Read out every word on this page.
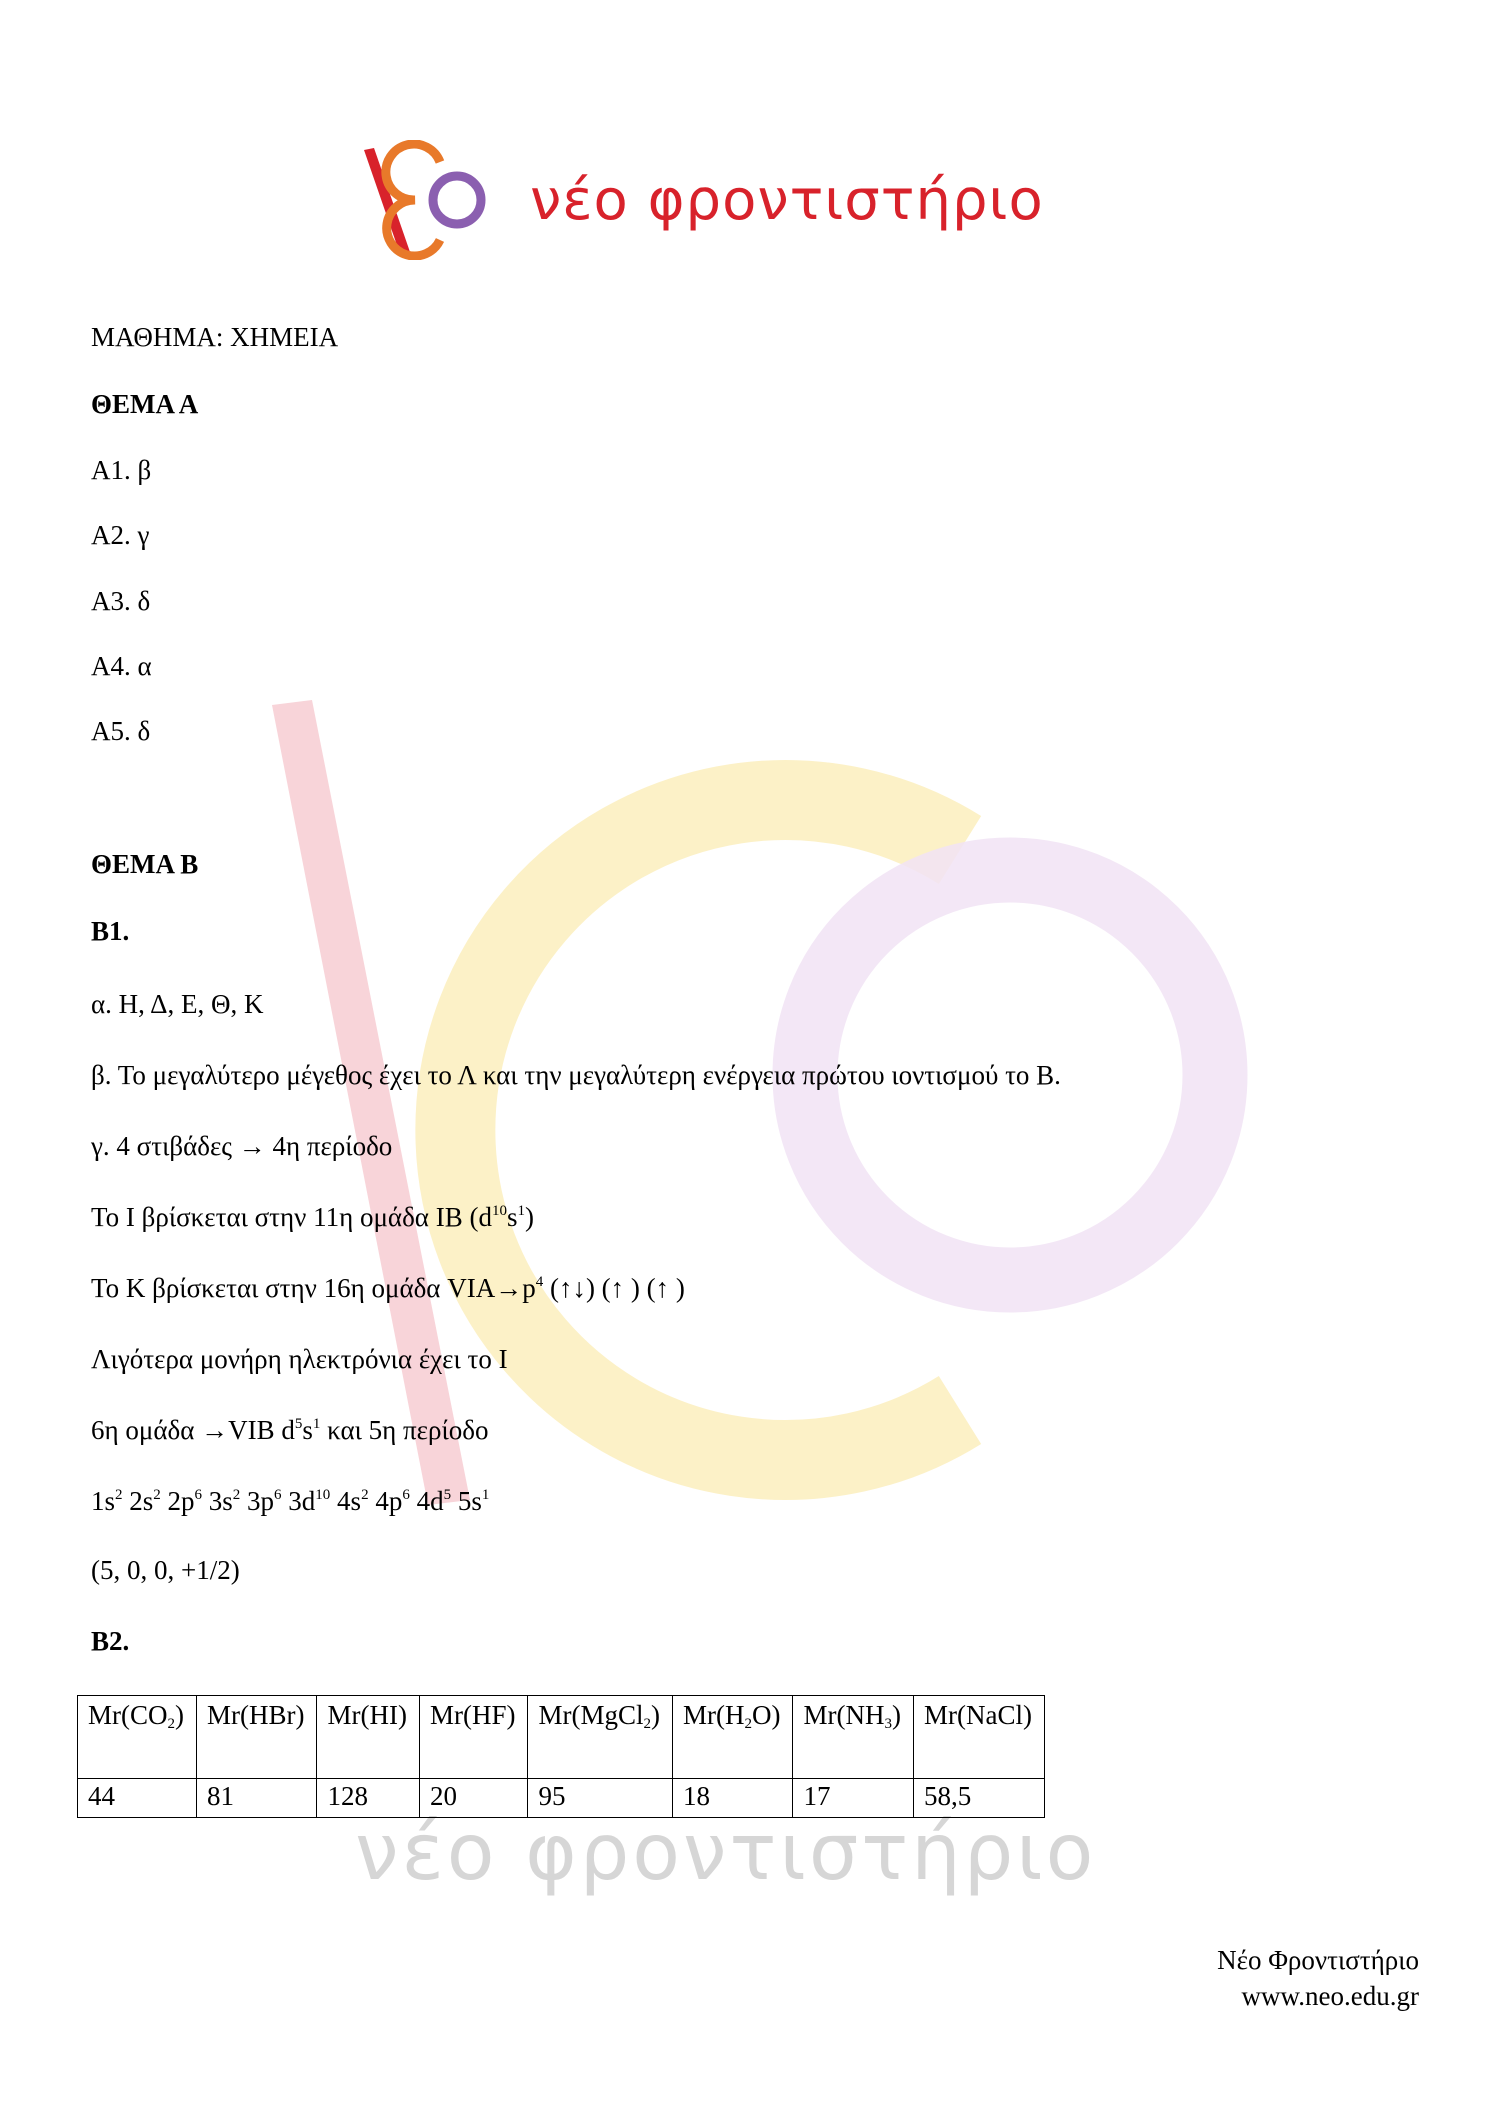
νέο φροντιστήριο
ΜΑΘΗΜΑ: ΧΗΜΕΙΑ
ΘΕΜΑ Α
Α1. β
Α2. γ
Α3. δ
Α4. α
Α5. δ
ΘΕΜΑ Β
Β1.
α. Η, Δ, Ε, Θ, Κ
β. Το μεγαλύτερο μέγεθος έχει το Λ και την μεγαλύτερη ενέργεια πρώτου ιοντισμού το Β.
γ. 4 στιβάδες → 4η περίοδο
Το Ι βρίσκεται στην 11η ομάδα ΙΒ $(d^{10}s^1)$
Το Κ βρίσκεται στην 16η ομάδα $VIA\to p^4$ (↑↓) (↑ ) (↑ )
Λιγότερα μονήρη ηλεκτρόνια έχει το Ι
6η ομάδα →VIB $d^5s^1$ και 5η περίοδο
$1s^2$ $2s^2$ $2p^6$ $3s^2$ $3p^6$ $3d^{10}$ $4s^2$ $4p^6$ $4d^5$ $5s^1$
(5, 0, 0, +1/2)
Β2.
νέο φροντιστήριο
$Mr(CO_2)$	Mr(HBr)	Mr(HI)	Mr(HF)	Mr(MgCl$_2$)	$Mr(H_2O)$	$Mr(NH_3)$	Mr(NaCl)
44	81	128	20	95	18	17	58,5
Νέο Φροντιστήριο
www.neo.edu.gr
